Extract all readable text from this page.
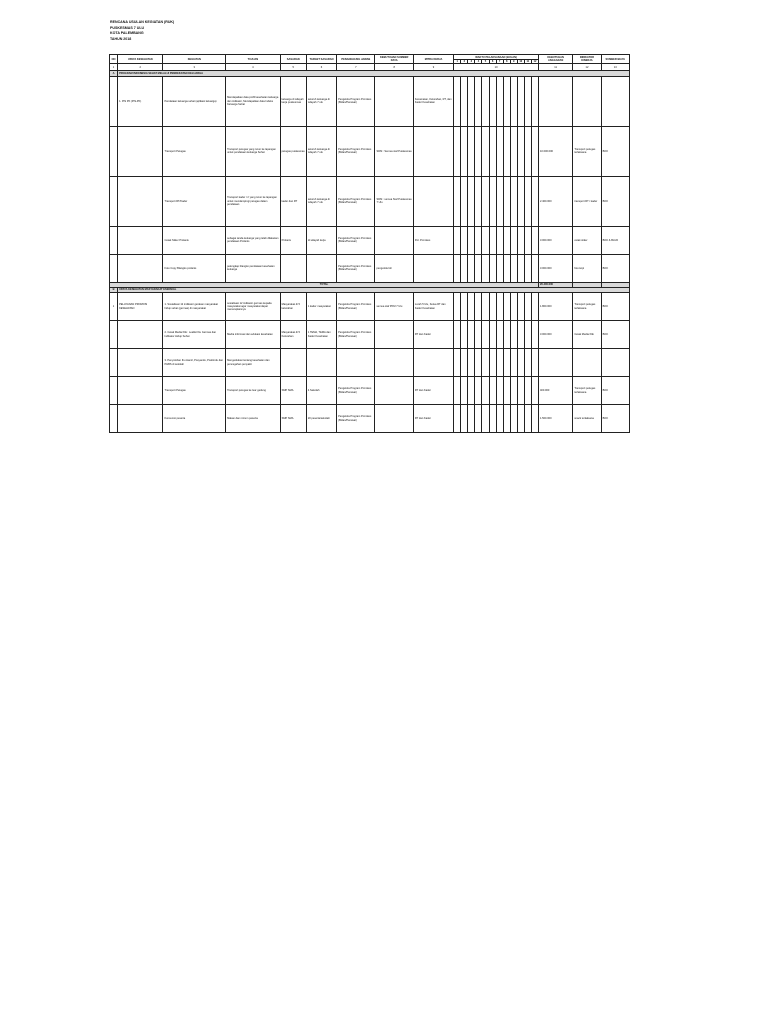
RENCANA USULAN KEGIATAN (RUK)
PUSKESMAS 7 ULU
KOTA PALEMBANG
TAHUN 2018
NO	UPAYA KESEHATAN	KEGIATAN	TUJUAN	SASARAN	TARGET SASARAN	PENANGGUNG JAWAB	KEBUTUHAN SUMBER DAYA	MITRA KERJA	WAKTU PELAKSANAAN (BULAN)												KEBUTUHAN ANGGARAN	INDIKATOR KINERJA	SUMBER BIAYA
									1	2	3	4	5	6	7	8	9	10	11	12			
1	2	3	4	5	6	7	8	9	10												11	12	13
A	PROGRAM INDONESIA SEHAT MELALUI PENDEKATAN KELUARGA																						
	1. PIS PK (PIS-PK)	Pendataan keluarga sehat (aplikasi keluarga)	Mendapatkan data profil kesehatan keluarga dan indikator, Mendapatkan data Indeks Keluarga Sehat	keluarga di wilayah kerja puskesmas	seluruh keluarga di wilayah 7 ulu	Pengelola Program Promkes (Bidan/Perawat)		Kecamatan, Kelurahan, RT, dan Kader Kesehatan															
		Transport Petugas	Transport petugas yang turun ke lapangan untuk pendataan keluarga Sehat	petugas puskesmas	seluruh keluarga di wilayah 7 ulu	Pengelola Program Promkes (Bidan/Perawat)	SDM : Semua staf Puskesmas														10.000.000	Transport petugas terlaksana	BOK
		Transport RT/Kader	Transport kader / rt yang turun ke lapangan untuk mendampingi petugas dalam pendataan	kader dan RT	seluruh keluarga di wilayah 7 ulu	Pengelola Program Promkes (Bidan/Perawat)	SDM : semua Staf Puskesmas 7 Ulu														2.400.000	transport RT / kader	BOK
		Cetak Stiker Prolanis	sebagai tanda keluarga yang telah dilakukan pendataan Prolanis	Prolanis	di wilayah kerja	Pengelola Program Promkes (Bidan/Perawat)		Pol. Promkes													3.000.000	cetak stiker	BOK & BLUD
		Foto Copy Blangko prolanis	pelengkap blangko pendataan kesehatan keluarga			Pengelola Program Promkes (Bidan/Perawat)	pengelola loh														3.000.000	foto kopi	BOK
TOTAL																					20.400.000		
B	UPAYA KESEHATAN MASYARAKAT ESENSIAL																						
1	PELAYANAN PROMOSI KESEHATAN	1. Sosialisasi 12 indikator gerakan masyarakat hidup sehat (germas) di masyarakat	sosialisasi 12 indikator germas kepada masyarakat agar masyarakat dapat menerapkannya	Masyarakat di 5 kelurahan	1 kader masyarakat	Pengelola Program Promkes (Bidan/Perawat)	semua staf PKM 7 Ulu	Lurah 5 Ulu, Ketua RT dan Kader Kesehatan													1.800.000	Transport petugas terlaksana	BOK
		2. Cetak Media KIE : Leaflet Ibu Germas dan Indikator Hidup Sehat	Media informasi dan edukasi kesehatan	Masyarakat di 5 Kelurahan	1 TEMA, TEMA dan Kader Kesehatan	Pengelola Program Promkes (Bidan/Perawat)		RT dan Kader													3.000.000	Cetak Media KIE	BOK
		3. Penyuluhan Ibu Hamil, Posyandu, Posbindu dan PHBS di sekolah	Mengedukasi tentang kesehatan dan pencegahan penyakit																				
		Transport Petugas	Transport petugas ke luar gedung	SMP SMA	4 Sekolah	Pengelola Program Promkes (Bidan/Perawat)		RT dan Kader													400.000	Transport petugas terlaksana	BOK
		Konsumsi peserta	Makan dan minum peserta	SMP SMA	20 peserta/sekolah	Pengelola Program Promkes (Bidan/Perawat)		RT dan Kader													1.500.000	snack terlaksana	BOK
